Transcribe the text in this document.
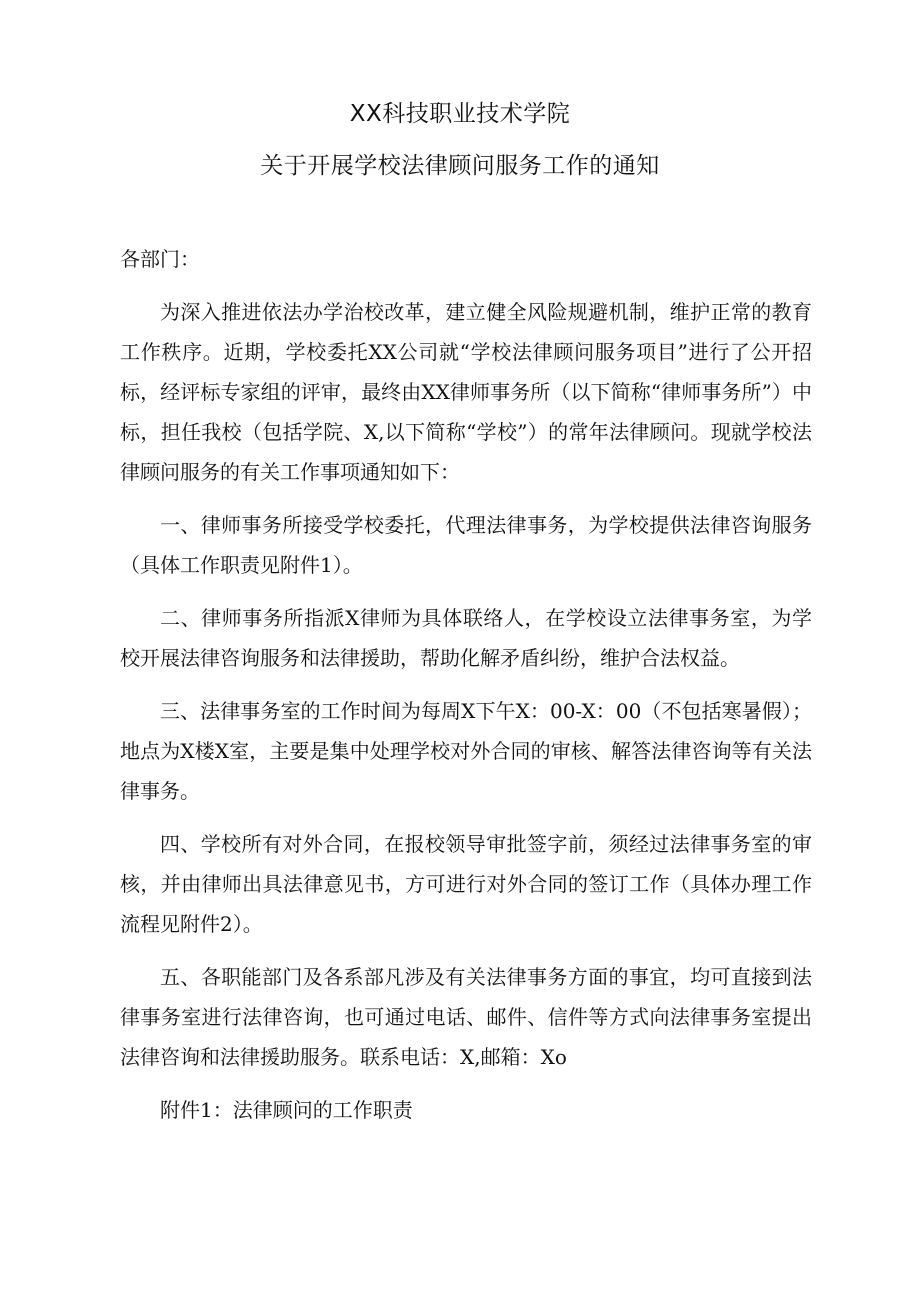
XX科技职业技术学院
关于开展学校法律顾问服务工作的通知
各部门：

为深入推进依法办学治校改革，建立健全风险规避机制，维护正常的教育工作秩序。近期，学校委托XX公司就“学校法律顾问服务项目”进行了公开招标，经评标专家组的评审，最终由XX律师事务所（以下简称“律师事务所”）中标，担任我校（包括学院、X,以下简称“学校”）的常年法律顾问。现就学校法律顾问服务的有关工作事项通知如下：

一、律师事务所接受学校委托，代理法律事务，为学校提供法律咨询服务（具体工作职责见附件1）。

二、律师事务所指派X律师为具体联络人，在学校设立法律事务室，为学校开展法律咨询服务和法律援助，帮助化解矛盾纠纷，维护合法权益。

三、法律事务室的工作时间为每周X下午X：00-X：00（不包括寒暑假）；地点为X楼X室，主要是集中处理学校对外合同的审核、解答法律咨询等有关法律事务。

四、学校所有对外合同，在报校领导审批签字前，须经过法律事务室的审核，并由律师出具法律意见书，方可进行对外合同的签订工作（具体办理工作流程见附件2）。

五、各职能部门及各系部凡涉及有关法律事务方面的事宜，均可直接到法律事务室进行法律咨询，也可通过电话、邮件、信件等方式向法律事务室提出法律咨询和法律援助服务。联系电话：X,邮箱：Xo

附件1：法律顾问的工作职责
